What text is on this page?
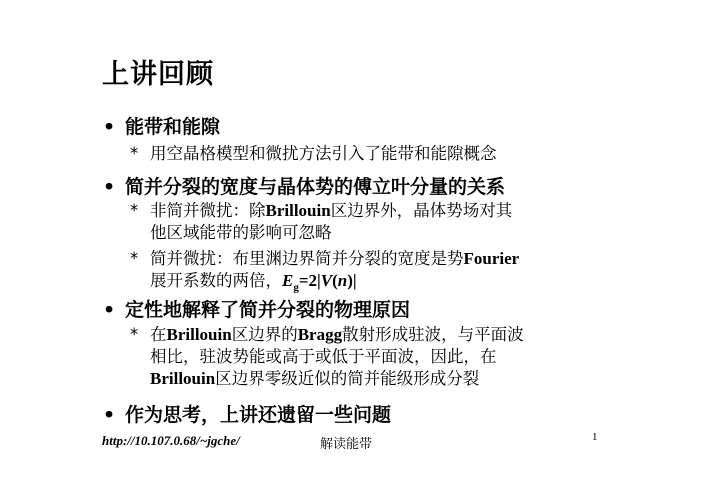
上讲回顾
• 能带和能隙
* 用空晶格模型和微扰方法引入了能带和能隙概念
• 简并分裂的宽度与晶体势的傅立叶分量的关系
* 非简并微扰：除Brillouin区边界外，晶体势场对其
他区域能带的影响可忽略
* 简并微扰：布里渊边界简并分裂的宽度是势Fourier
展开系数的两倍，$E_g=2|V(n)|$
• 定性地解释了简并分裂的物理原因
* 在Brillouin区边界的Bragg散射形成驻波，与平面波
相比，驻波势能或高于或低于平面波，因此，在
Brillouin区边界零级近似的简并能级形成分裂
• 作为思考，上讲还遗留一些问题
http://10.107.0.68/~jgche/	解读能带	1
